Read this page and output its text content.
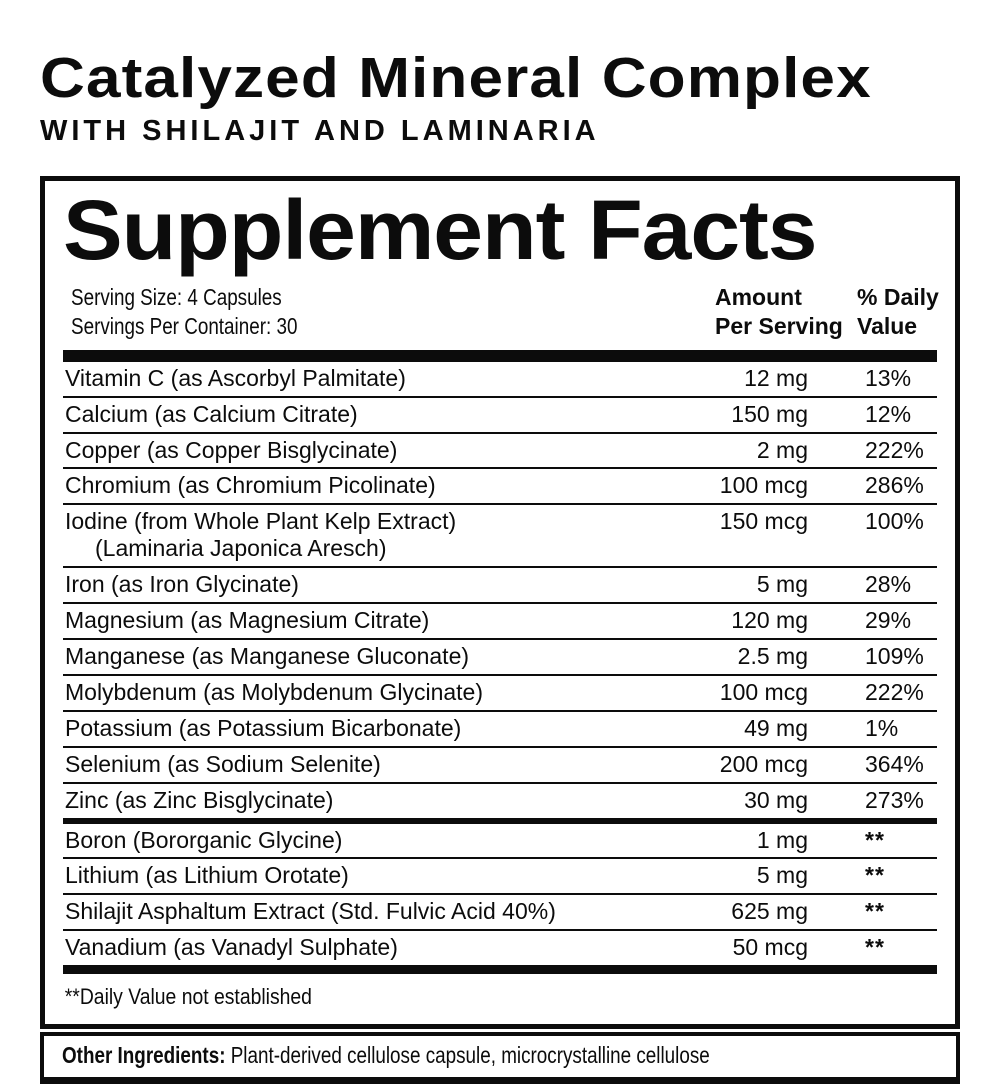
Catalyzed Mineral Complex
WITH SHILAJIT AND LAMINARIA
Supplement Facts
Serving Size: 4 Capsules
Servings Per Container: 30
Amount
Per Serving
% Daily
Value
Vitamin C (as Ascorbyl Palmitate)	12 mg 13%
Calcium (as Calcium Citrate)	150 mg 12%
Copper (as Copper Bisglycinate)	2 mg 222%
Chromium (as Chromium Picolinate)	100 mcg 286%
Iodine (from Whole Plant Kelp Extract)
(Laminaria Japonica Aresch)
150 mcg 100%
Iron (as Iron Glycinate)	5 mg 28%
Magnesium (as Magnesium Citrate)	120 mg 29%
Manganese (as Manganese Gluconate)	2.5 mg 109%
Molybdenum (as Molybdenum Glycinate)	100 mcg 222%
Potassium (as Potassium Bicarbonate)	49 mg 1%
Selenium (as Sodium Selenite)	200 mcg 364%
Zinc (as Zinc Bisglycinate)	30 mg 273%
Boron (Bororganic Glycine)	1 mg **
Lithium (as Lithium Orotate)	5 mg **
Shilajit Asphaltum Extract (Std. Fulvic Acid 40%)	625 mg **
Vanadium (as Vanadyl Sulphate)	50 mcg **
**Daily Value not established
Other Ingredients: Plant-derived cellulose capsule, microcrystalline cellulose
